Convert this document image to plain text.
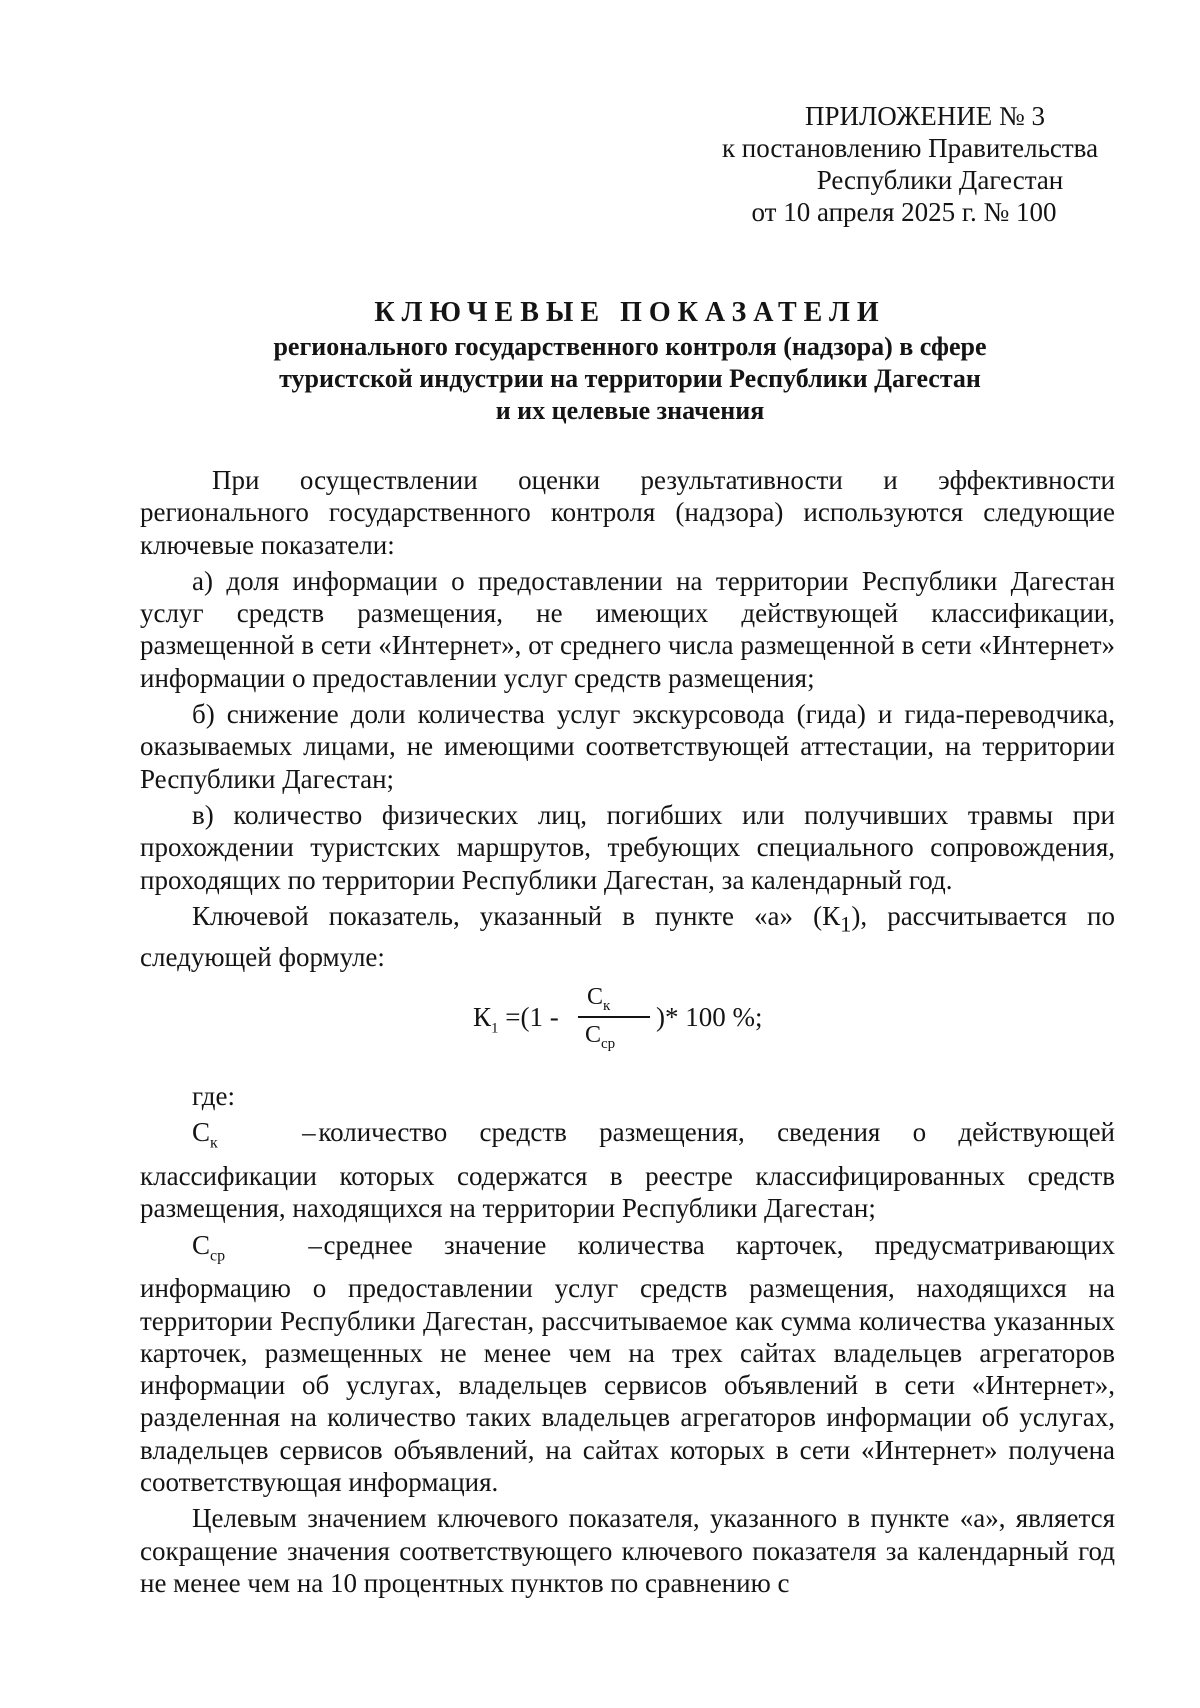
ПРИЛОЖЕНИЕ № 3
к постановлению Правительства
Республики Дагестан
от 10 апреля 2025 г. № 100
КЛЮЧЕВЫЕ ПОКАЗАТЕЛИ
регионального государственного контроля (надзора) в сфере
туристской индустрии на территории Республики Дагестан
и их целевые значения

При осуществлении оценки результативности и эффективности регионального государственного контроля (надзора) используются следующие ключевые показатели:

а) доля информации о предоставлении на территории Республики Дагестан услуг средств размещения, не имеющих действующей классификации, размещенной в сети «Интернет», от среднего числа размещенной в сети «Интернет» информации о предоставлении услуг средств размещения;

б) снижение доли количества услуг экскурсовода (гида) и гида-переводчика, оказываемых лицами, не имеющими соответствующей аттестации, на территории Республики Дагестан;

в) количество физических лиц, погибших или получивших травмы при прохождении туристских маршрутов, требующих специального сопровождения, проходящих по территории Республики Дагестан, за календарный год.

Ключевой показатель, указанный в пункте «а» $(К_1)$, рассчитывается по следующей формуле:

$К_1 =(1$ -
$С_к$
$С_{ср}$
)* 100 %;

где:

$С_к$	– количество средств размещения, сведения о действующей классификации которых содержатся в реестре классифицированных средств размещения, находящихся на территории Республики Дагестан;

$С_{ср}$	– среднее значение количества карточек, предусматривающих информацию о предоставлении услуг средств размещения, находящихся на территории Республики Дагестан, рассчитываемое как сумма количества указанных карточек, размещенных не менее чем на трех сайтах владельцев агрегаторов информации об услугах, владельцев сервисов объявлений в сети «Интернет», разделенная на количество таких владельцев агрегаторов информации об услугах, владельцев сервисов объявлений, на сайтах которых в сети «Интернет» получена соответствующая информация.

Целевым значением ключевого показателя, указанного в пункте «а», является сокращение значения соответствующего ключевого показателя за календарный год не менее чем на 10 процентных пунктов по сравнению с
